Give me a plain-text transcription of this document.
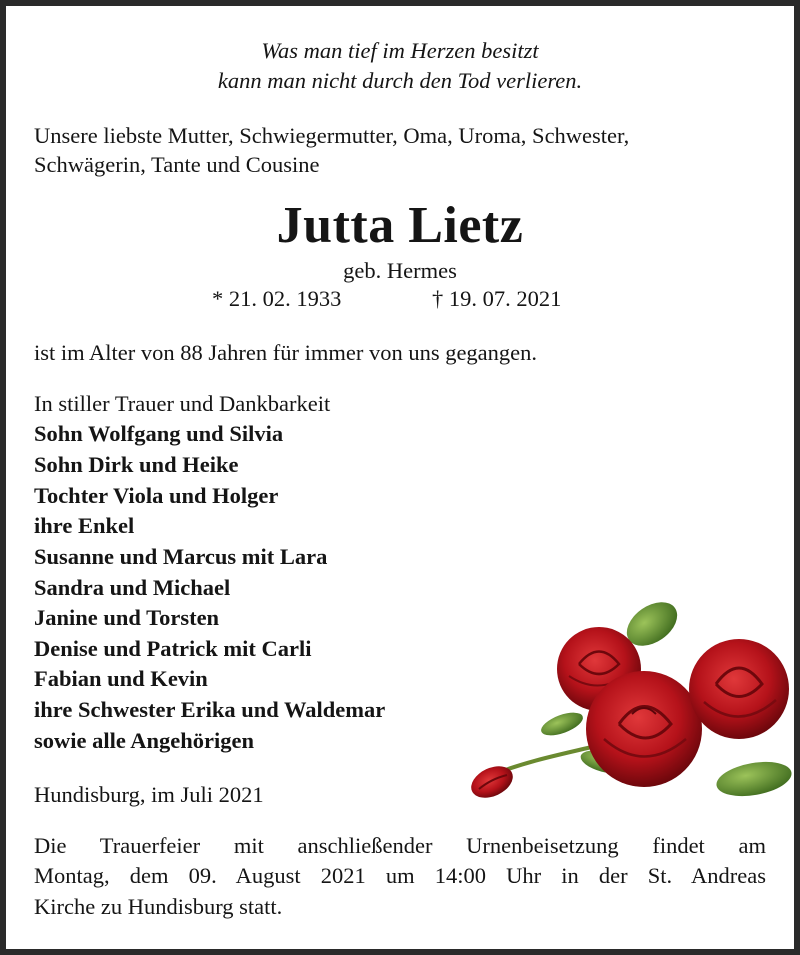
Was man tief im Herzen besitzt
kann man nicht durch den Tod verlieren.
Unsere liebste Mutter, Schwiegermutter, Oma, Uroma, Schwester,
Schwägerin, Tante und Cousine
Jutta Lietz
geb. Hermes
* 21. 02. 1933	† 19. 07. 2021
ist im Alter von 88 Jahren für immer von uns gegangen.
In stiller Trauer und Dankbarkeit
Sohn Wolfgang und Silvia
Sohn Dirk und Heike
Tochter Viola und Holger
ihre Enkel
Susanne und Marcus mit Lara
Sandra und Michael
Janine und Torsten
Denise und Patrick mit Carli
Fabian und Kevin
ihre Schwester Erika und Waldemar
sowie alle Angehörigen
Hundisburg, im Juli 2021
Die Trauerfeier mit anschließender Urnenbeisetzung findet am
Montag, dem 09. August 2021 um 14:00 Uhr in der St. Andreas
Kirche zu Hundisburg statt.
